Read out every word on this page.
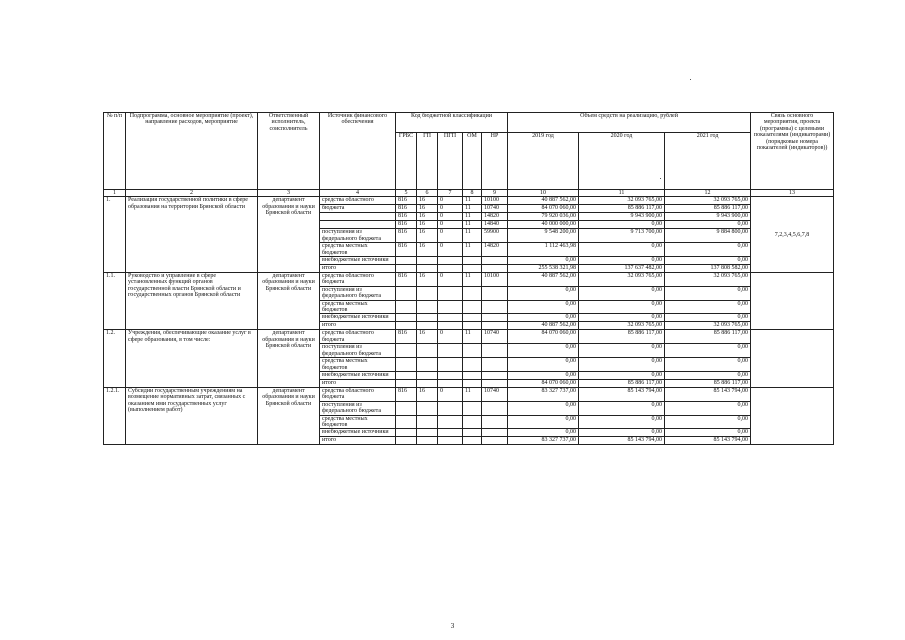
№ п/п	Подпрограмма, основное мероприятие (проект), направление расходов, мероприятие	Ответственный исполнитель, соисполнитель	Источник финансового обеспечения	Код бюджетной классификации					Объем средств на реализацию, рублей			Связь основного мероприятия, проекта (программы) с целевыми показателями (индикаторами) (порядковые номера показателей (индикаторов))
				ГРБС	ГП	ПГП	ОМ	НР	2019 год	2020 год	2021 год	
1	2	3	4	5	6	7	8	9	10	11	12	13
1.	Реализация государственной политики в сфере образования на территории Брянской области	департамент образования и науки Брянской области	средства областного	816	16	0	11	10100	40 887 562,00	32 093 765,00	32 093 765,00	7,2,3,4,5,6,7,8
			бюджета	816	16	0	11	10740	84 070 060,00	85 886 117,00	85 886 117,00	
				816	16	0	11	14820	79 920 036,00	9 943 900,00	9 943 900,00	
				816	16	0	11	14840	40 000 000,00	0,00	0,00	
			поступления из федерального бюджета	816	16	0	11	59900	9 548 200,00	9 713 700,00	9 884 800,00	
			средства местных бюджетов	816	16	0	11	14820	1 112 463,98	0,00	0,00	
			внебюджетные источники						0,00	0,00	0,00	
			итого						255 538 321,98	137 637 482,00	137 808 582,00	
1.1.	Руководство и управление в сфере установленных функций органов государственной власти Брянской области и государственных органов Брянской области	департамент образования и науки Брянской области	средства областного бюджета	816	16	0	11	10100	40 887 562,00	32 093 765,00	32 093 765,00	
			поступления из федерального бюджета						0,00	0,00	0,00	
			средства местных бюджетов						0,00	0,00	0,00	
			внебюджетные источники						0,00	0,00	0,00	
			итого						40 887 562,00	32 093 765,00	32 093 765,00	
1.2.	Учреждения, обеспечивающие оказание услуг в сфере образования, в том числе:	департамент образования и науки Брянской области	средства областного бюджета	816	16	0	11	10740	84 070 060,00	85 886 117,00	85 886 117,00	
			поступления из федерального бюджета						0,00	0,00	0,00	
			средства местных бюджетов						0,00	0,00	0,00	
			внебюджетные источники						0,00	0,00	0,00	
			итого						84 070 060,00	85 886 117,00	85 886 117,00	
1.2.1.	Субсидии государственным учреждениям на возмещение нормативных затрат, связанных с оказанием ими государственных услуг (выполнением работ)	департамент образования и науки Брянской области	средства областного бюджета	816	16	0	11	10740	83 327 737,00	85 143 794,00	85 143 794,00	
			поступления из федерального бюджета						0,00	0,00	0,00	
			средства местных бюджетов						0,00	0,00	0,00	
			внебюджетные источники						0,00	0,00	0,00	
			итого						83 327 737,00	85 143 794,00	85 143 794,00	
3
